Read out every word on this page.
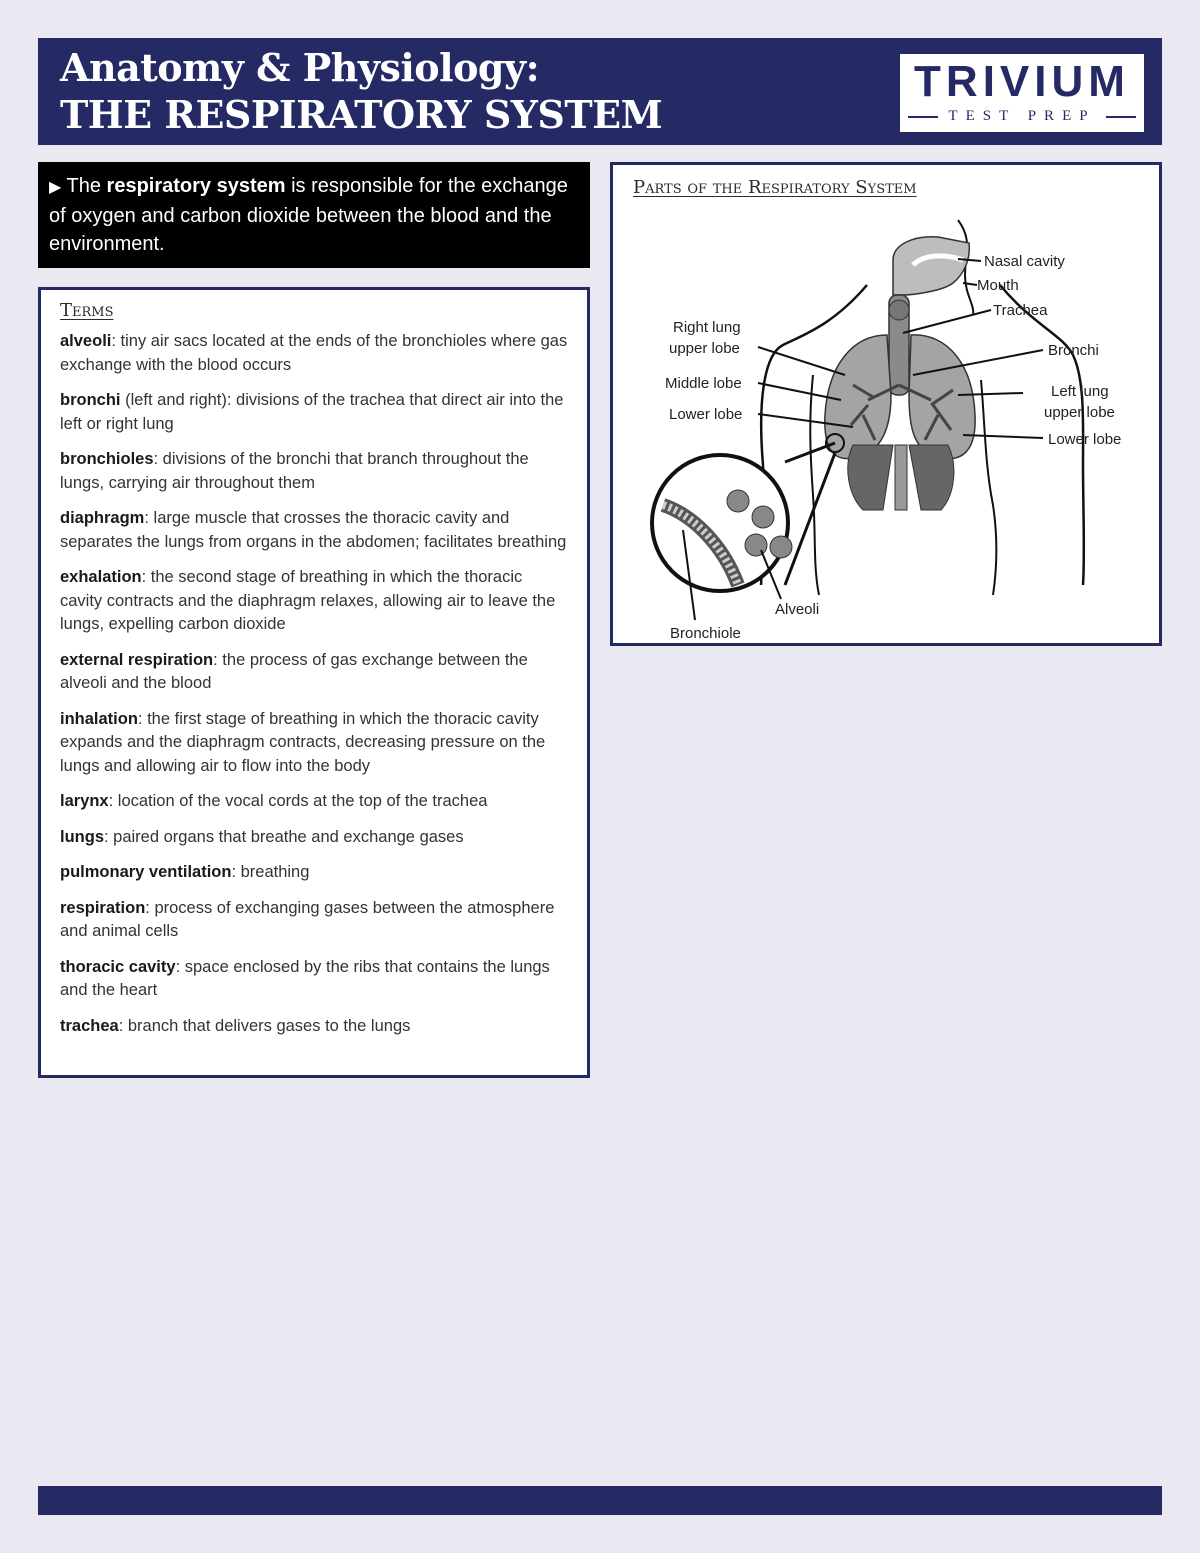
Anatomy & Physiology:
THE RESPIRATORY SYSTEM
TRIVIUM
TEST PREP
▶ The respiratory system is responsible for the exchange of oxygen and carbon dioxide between the blood and the environment.
Terms
alveoli: tiny air sacs located at the ends of the bronchioles where gas exchange with the blood occurs
bronchi (left and right): divisions of the trachea that direct air into the left or right lung
bronchioles: divisions of the bronchi that branch throughout the lungs, carrying air throughout them
diaphragm: large muscle that crosses the thoracic cavity and separates the lungs from organs in the abdomen; facilitates breathing
exhalation: the second stage of breathing in which the thoracic cavity contracts and the diaphragm relaxes, allowing air to leave the lungs, expelling carbon dioxide
external respiration: the process of gas exchange between the alveoli and the blood
inhalation: the first stage of breathing in which the thoracic cavity expands and the diaphragm contracts, decreasing pressure on the lungs and allowing air to flow into the body
larynx: location of the vocal cords at the top of the trachea
lungs: paired organs that breathe and exchange gases
pulmonary ventilation: breathing
respiration: process of exchanging gases between the atmosphere and animal cells
thoracic cavity: space enclosed by the ribs that contains the lungs and the heart
trachea: branch that delivers gases to the lungs
Parts of the Respiratory System
Nasal cavity
Mouth
Trachea
Right lung
upper lobe	Bronchi
Middle lobe	Left lung
upper lobe
Lower lobe
Lower lobe
Alveoli
Bronchiole
